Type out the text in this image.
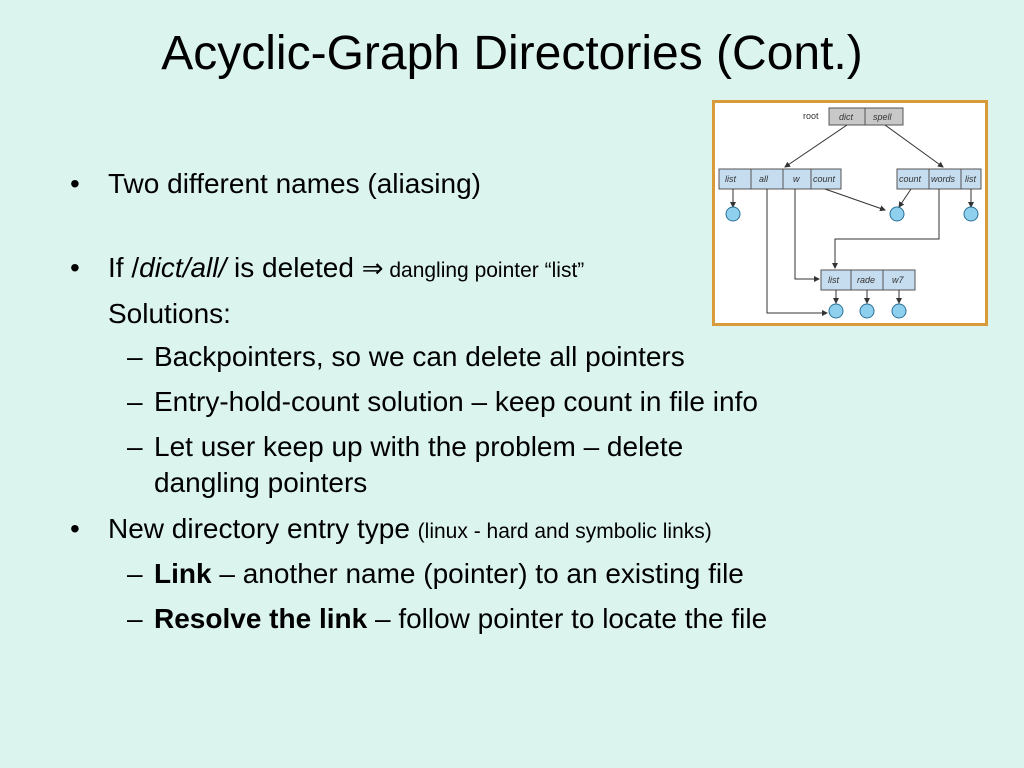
Acyclic-Graph Directories (Cont.)
• Two different names (aliasing)
• If /dict/all/ is deleted ⇒ dangling pointer “list”
Solutions:
– Backpointers, so we can delete all pointers
– Entry-hold-count solution – keep count in file info
– Let user keep up with the problem – delete
dangling pointers
• New directory entry type (linux - hard and symbolic links)
– Link – another name (pointer) to an existing file
– Resolve the link – follow pointer to locate the file
root dict spell
list	all	w count	count words list
list rade w7
